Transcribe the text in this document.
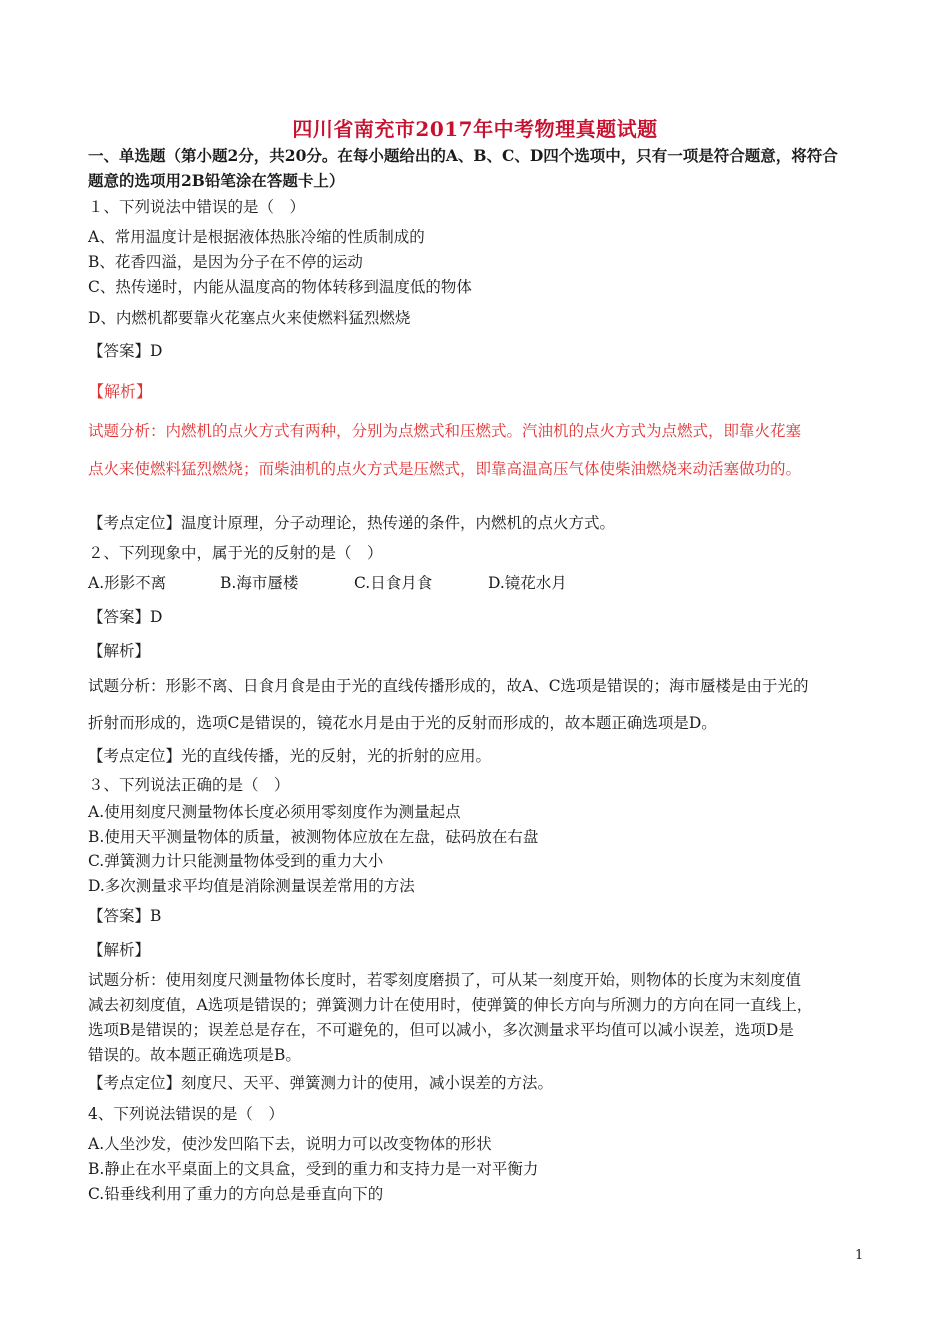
四川省南充市2017年中考物理真题试题
一、单选题（第小题2分，共20分。在每小题给出的A、B、C、D四个选项中，只有一项是符合题意，将符合
题意的选项用2B铅笔涂在答题卡上）
１、下列说法中错误的是（　）
A、常用温度计是根据液体热胀冷缩的性质制成的
B、花香四溢，是因为分子在不停的运动
C、热传递时，内能从温度高的物体转移到温度低的物体
D、内燃机都要靠火花塞点火来使燃料猛烈燃烧
【答案】D
【解析】
试题分析：内燃机的点火方式有两种，分别为点燃式和压燃式。汽油机的点火方式为点燃式，即靠火花塞
点火来使燃料猛烈燃烧；而柴油机的点火方式是压燃式，即靠高温高压气体使柴油燃烧来动活塞做功的。
【考点定位】温度计原理，分子动理论，热传递的条件，内燃机的点火方式。
２、下列现象中，属于光的反射的是（　）
A.形影不离	B.海市蜃楼	C.日食月食	D.镜花水月
【答案】D
【解析】
试题分析：形影不离、日食月食是由于光的直线传播形成的，故A、C选项是错误的；海市蜃楼是由于光的
折射而形成的，选项C是错误的，镜花水月是由于光的反射而形成的，故本题正确选项是D。
【考点定位】光的直线传播，光的反射，光的折射的应用。
３、下列说法正确的是（　）
A.使用刻度尺测量物体长度必须用零刻度作为测量起点
B.使用天平测量物体的质量，被测物体应放在左盘，砝码放在右盘
C.弹簧测力计只能测量物体受到的重力大小
D.多次测量求平均值是消除测量误差常用的方法
【答案】B
【解析】
试题分析：使用刻度尺测量物体长度时，若零刻度磨损了，可从某一刻度开始，则物体的长度为末刻度值
减去初刻度值，A选项是错误的；弹簧测力计在使用时，使弹簧的伸长方向与所测力的方向在同一直线上，
选项B是错误的；误差总是存在，不可避免的，但可以减小，多次测量求平均值可以减小误差，选项D是
错误的。故本题正确选项是B。
【考点定位】刻度尺、天平、弹簧测力计的使用，减小误差的方法。
4、下列说法错误的是（　）
A.人坐沙发，使沙发凹陷下去，说明力可以改变物体的形状
B.静止在水平桌面上的文具盒，受到的重力和支持力是一对平衡力
C.铅垂线利用了重力的方向总是垂直向下的
1
